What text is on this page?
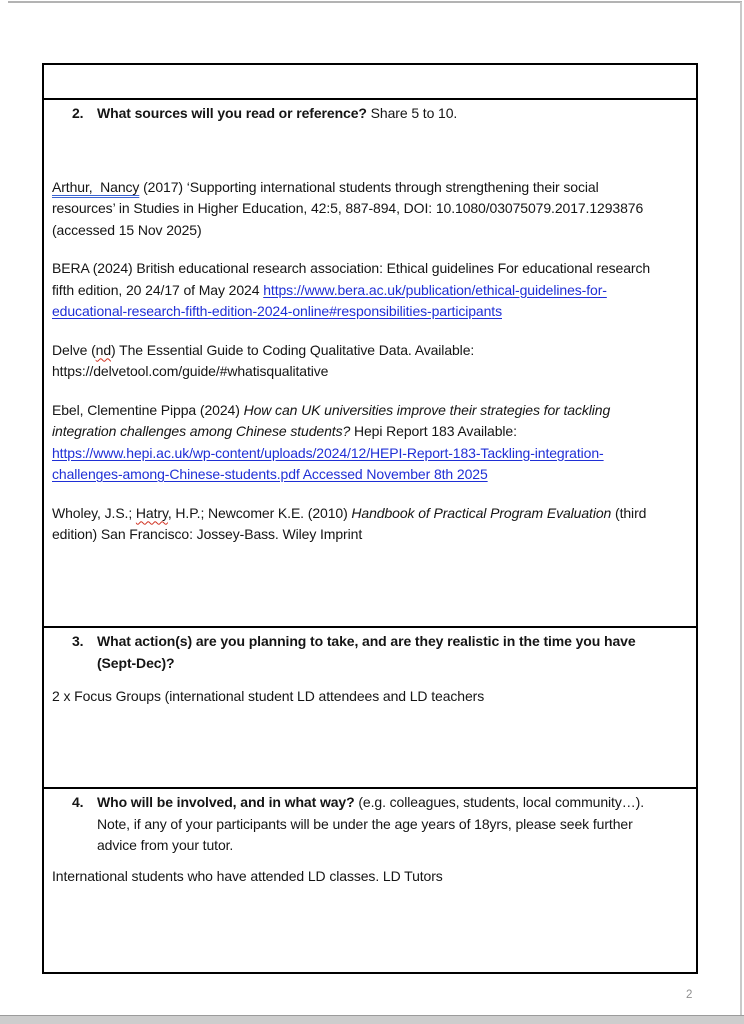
2. What sources will you read or reference? Share 5 to 10.
Arthur,  Nancy (2017) ‘Supporting international students through strengthening their social
resources’ in Studies in Higher Education, 42:5, 887-894, DOI: 10.1080/03075079.2017.1293876
(accessed 15 Nov 2025)
BERA (2024) British educational research association: Ethical guidelines For educational research
fifth edition, 20 24/17 of May 2024 https://www.bera.ac.uk/publication/ethical-guidelines-for-
educational-research-fifth-edition-2024-online#responsibilities-participants
Delve (nd) The Essential Guide to Coding Qualitative Data. Available:
https://delvetool.com/guide/#whatisqualitative
Ebel, Clementine Pippa (2024) How can UK universities improve their strategies for tackling
integration challenges among Chinese students? Hepi Report 183 Available:
https://www.hepi.ac.uk/wp-content/uploads/2024/12/HEPI-Report-183-Tackling-integration-
challenges-among-Chinese-students.pdf Accessed November 8th 2025
Wholey, J.S.; Hatry, H.P.; Newcomer K.E. (2010) Handbook of Practical Program Evaluation (third
edition) San Francisco: Jossey-Bass. Wiley Imprint
3. What action(s) are you planning to take, and are they realistic in the time you have
(Sept-Dec)?
2 x Focus Groups (international student LD attendees and LD teachers
4. Who will be involved, and in what way? (e.g. colleagues, students, local community…).
Note, if any of your participants will be under the age years of 18yrs, please seek further
advice from your tutor.
International students who have attended LD classes. LD Tutors
2
